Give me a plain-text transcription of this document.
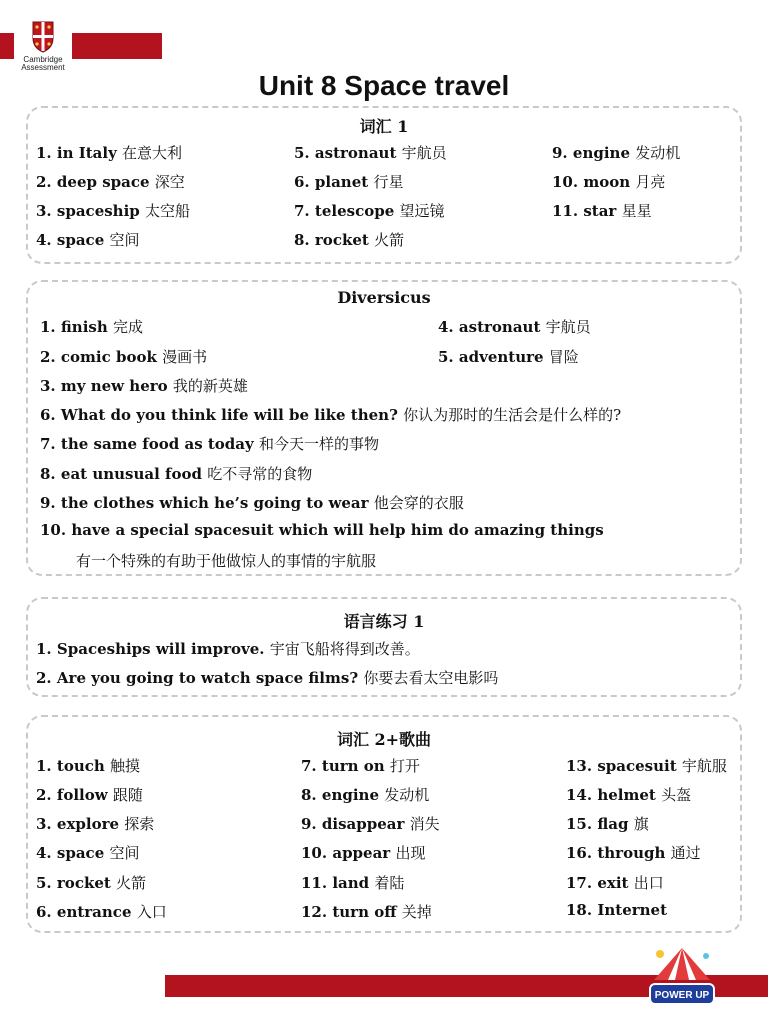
Cambridge
Assessment
Unit 8 Space travel
词汇 1
1. in Italy 在意大利
2. deep space 深空
3. spaceship 太空船
4. space 空间
5. astronaut 宇航员
6. planet 行星
7. telescope 望远镜
8. rocket 火箭
9. engine 发动机
10. moon 月亮
11. star 星星
Diversicus
1. finish 完成	4. astronaut 宇航员
2. comic book 漫画书	5. adventure 冒险
3. my new hero 我的新英雄
6. What do you think life will be like then? 你认为那时的生活会是什么样的?
7. the same food as today 和今天一样的事物
8. eat unusual food 吃不寻常的食物
9. the clothes which he’s going to wear 他会穿的衣服
10. have a special spacesuit which will help him do amazing things
有一个特殊的有助于他做惊人的事情的宇航服
语言练习 1
1. Spaceships will improve. 宇宙飞船将得到改善。
2. Are you going to watch space films? 你要去看太空电影吗
词汇 2+歌曲
1. touch 触摸
2. follow 跟随
3. explore 探索
4. space 空间
5. rocket 火箭
6. entrance 入口
7. turn on 打开
8. engine 发动机
9. disappear 消失
10. appear 出现
11. land 着陆
12. turn off 关掉
13. spacesuit 宇航服
14. helmet 头盔
15. flag 旗
16. through 通过
17. exit 出口
18. Internet
POWER UP
